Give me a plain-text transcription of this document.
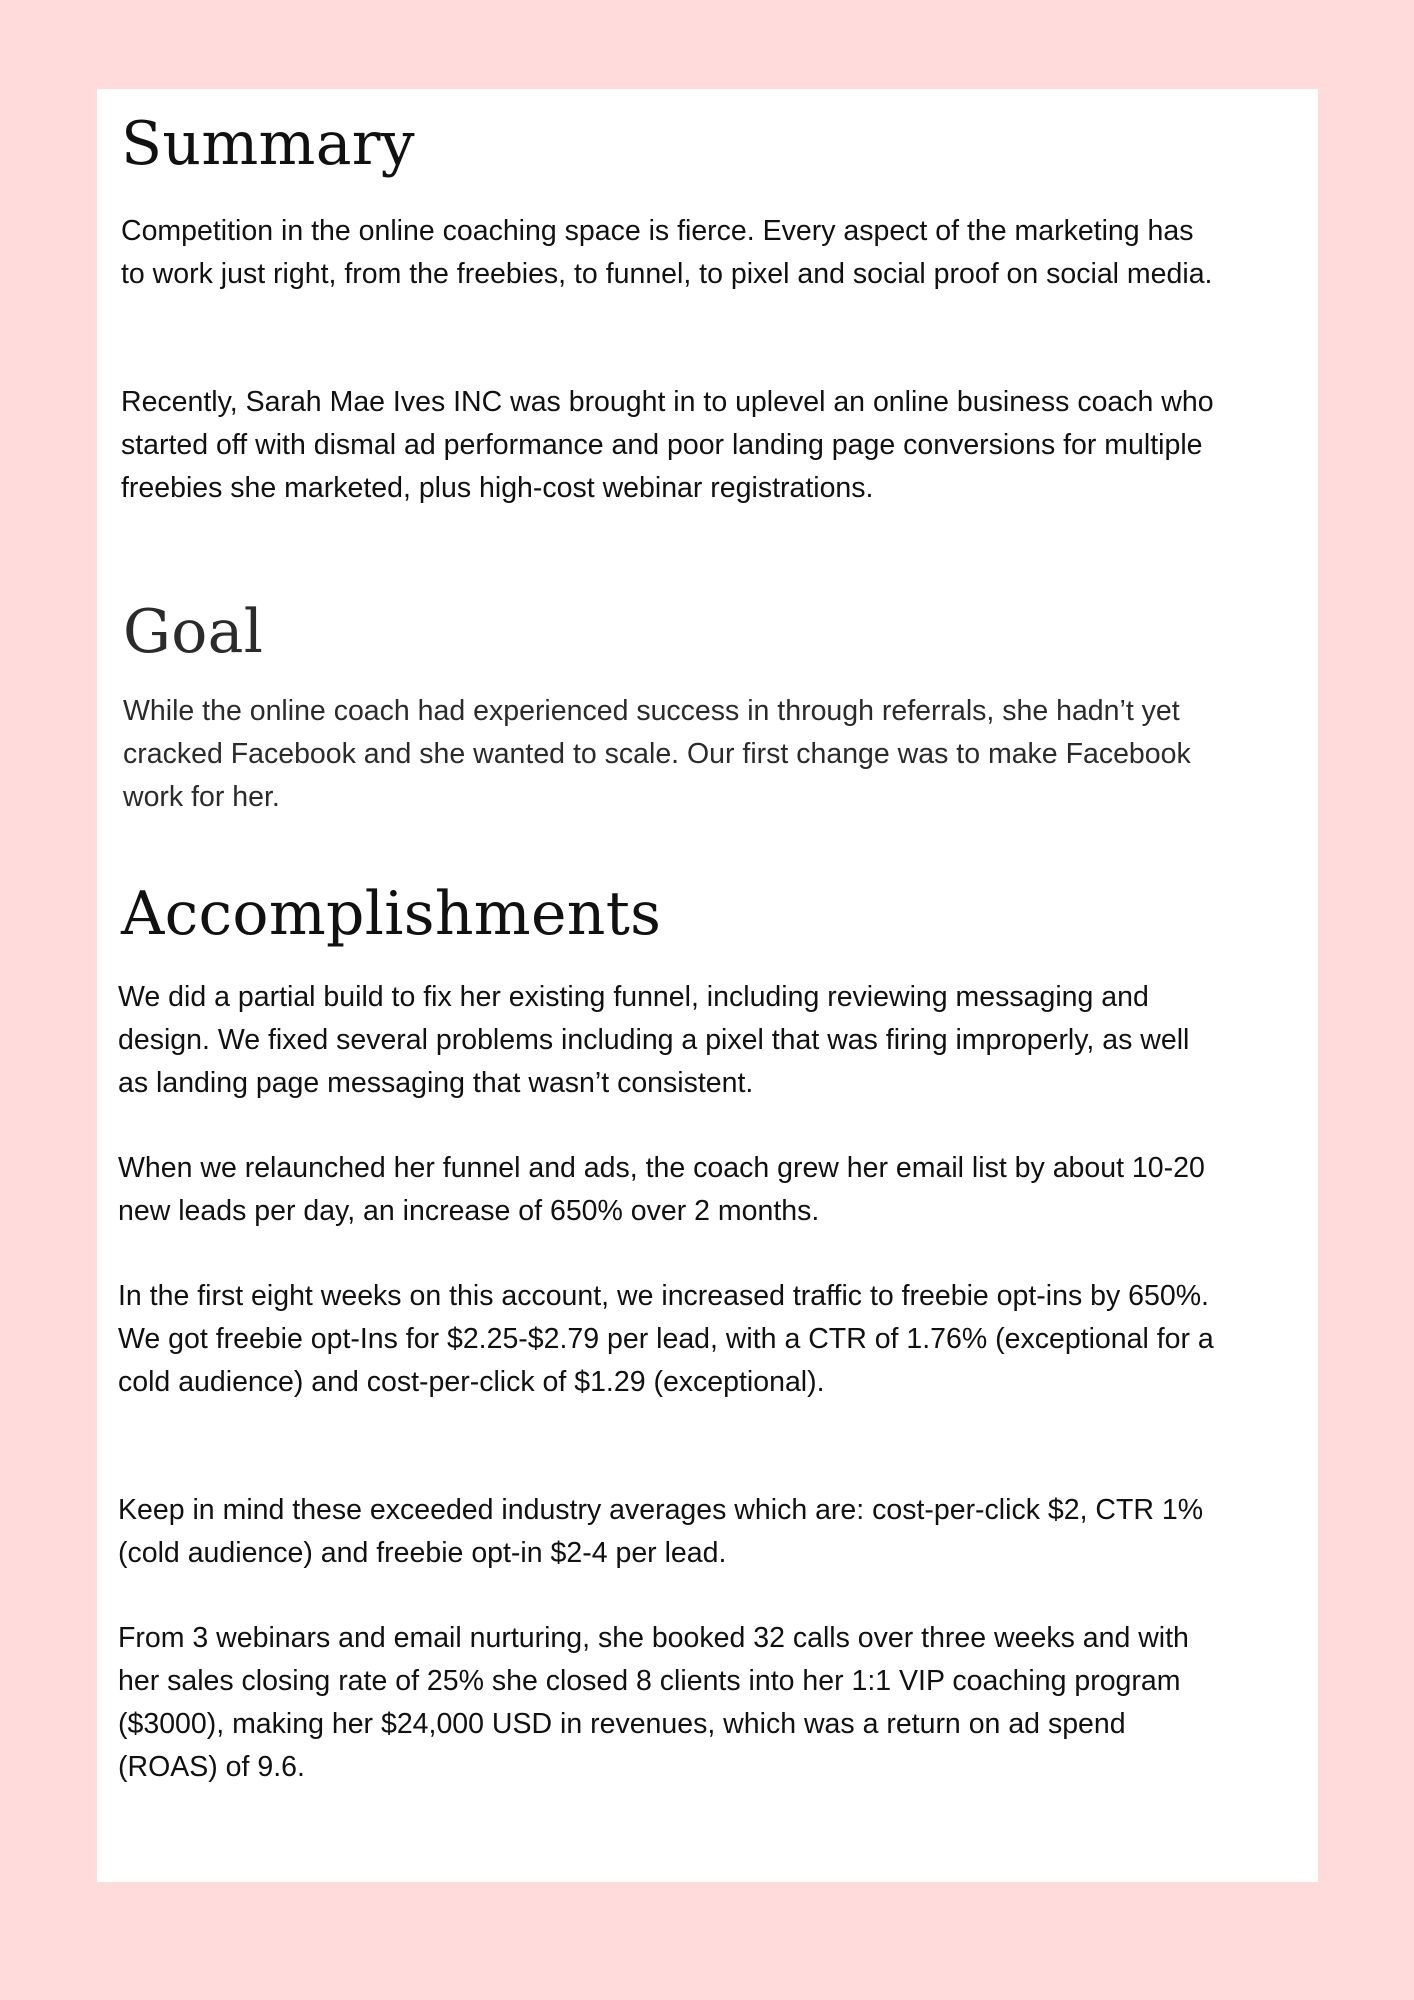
Summary

Competition in the online coaching space is fierce. Every aspect of the marketing has to work just right, from the freebies, to funnel, to pixel and social proof on social media.

Recently, Sarah Mae Ives INC was brought in to uplevel an online business coach who started off with dismal ad performance and poor landing page conversions for multiple freebies she marketed, plus high-cost webinar registrations.

Goal

While the online coach had experienced success in through referrals, she hadn’t yet cracked Facebook and she wanted to scale. Our first change was to make Facebook work for her.

Accomplishments

We did a partial build to fix her existing funnel, including reviewing messaging and design. We fixed several problems including a pixel that was firing improperly, as well as landing page messaging that wasn’t consistent.

When we relaunched her funnel and ads, the coach grew her email list by about 10-20 new leads per day, an increase of 650% over 2 months.

In the first eight weeks on this account, we increased traffic to freebie opt-ins by 650%. We got freebie opt-Ins for $2.25-$2.79 per lead, with a CTR of 1.76% (exceptional for a cold audience) and cost-per-click of $1.29 (exceptional).

Keep in mind these exceeded industry averages which are: cost-per-click $2, CTR 1% (cold audience) and freebie opt-in $2-4 per lead.

From 3 webinars and email nurturing, she booked 32 calls over three weeks and with her sales closing rate of 25% she closed 8 clients into her 1:1 VIP coaching program ($3000), making her $24,000 USD in revenues, which was a return on ad spend (ROAS) of 9.6.
